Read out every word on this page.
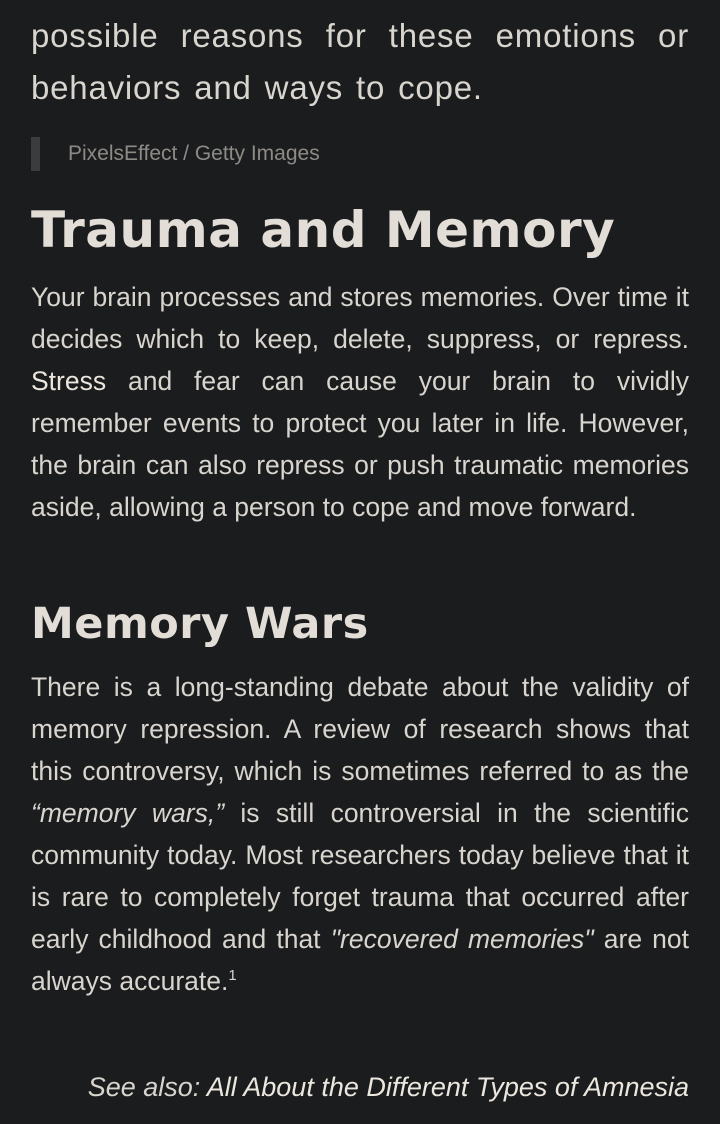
possible reasons for these emotions or
behaviors and ways to cope.

PixelsEffect / Getty Images
Trauma and Memory

Your brain processes and stores memories. Over time it decides which to keep, delete, suppress, or repress. Stress and fear can cause your brain to vividly remember events to protect you later in life. However, the brain can also repress or push traumatic memories aside, allowing a person to cope and move forward.

Memory Wars

There is a long-standing debate about the validity of memory repression. A review of research shows that this controversy, which is sometimes referred to as the “memory wars,” is still controversial in the scientific community today. Most researchers today believe that it is rare to completely forget trauma that occurred after early childhood and that "recovered memories" are not always accurate.$^1$

See also: All About the Different Types of Amnesia
